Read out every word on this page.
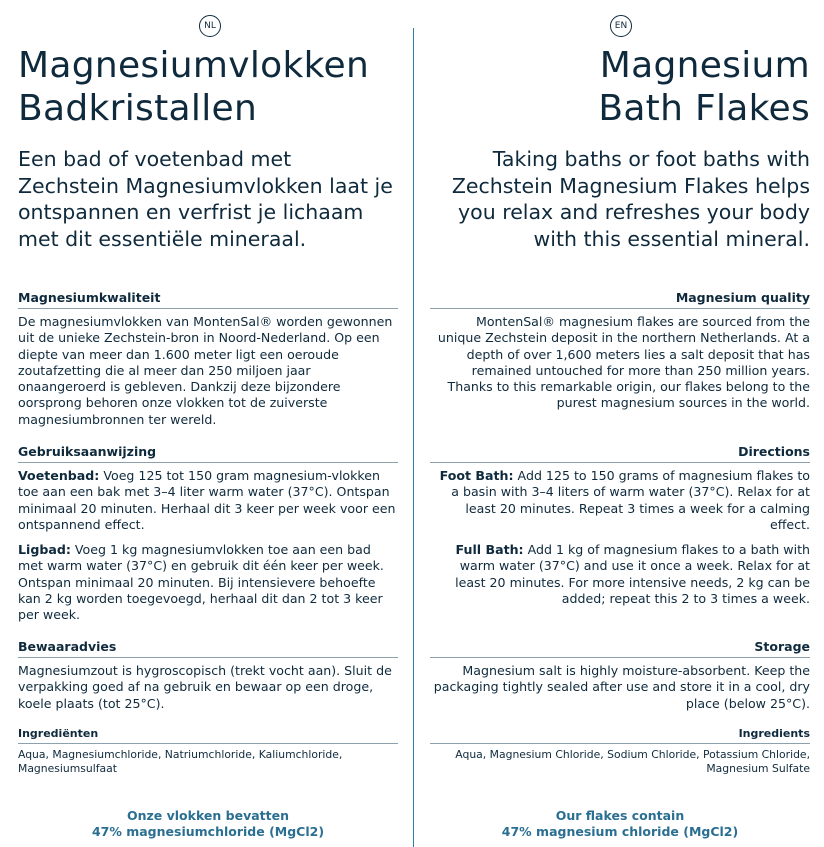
NL
Magnesiumvlokken
Badkristallen

Een bad of voetenbad met Zechstein Magnesiumvlokken laat je ontspannen en verfrist je lichaam met dit essentiële mineraal.

Magnesiumkwaliteit

De magnesiumvlokken van MontenSal® worden gewonnen uit de unieke Zechstein-bron in Noord-Nederland. Op een diepte van meer dan 1.600 meter ligt een oeroude zoutafzetting die al meer dan 250 miljoen jaar onaangeroerd is gebleven. Dankzij deze bijzondere oorsprong behoren onze vlokken tot de zuiverste magnesiumbronnen ter wereld.

Gebruiksaanwijzing

Voetenbad: Voeg 125 tot 150 gram magnesium-vlokken toe aan een bak met 3–4 liter warm water (37°C). Ontspan minimaal 20 minuten. Herhaal dit 3 keer per week voor een ontspannend effect.

Ligbad: Voeg 1 kg magnesiumvlokken toe aan een bad met warm water (37°C) en gebruik dit één keer per week. Ontspan minimaal 20 minuten. Bij intensievere behoefte kan 2 kg worden toegevoegd, herhaal dit dan 2 tot 3 keer per week.

Bewaaradvies

Magnesiumzout is hygroscopisch (trekt vocht aan). Sluit de verpakking goed af na gebruik en bewaar op een droge, koele plaats (tot 25°C).

Ingrediënten

Aqua, Magnesiumchloride, Natriumchloride, Kaliumchloride, Magnesiumsulfaat

Onze vlokken bevatten
47% magnesiumchloride (MgCl2)

EN
Magnesium
Bath Flakes

Taking baths or foot baths with Zechstein Magnesium Flakes helps you relax and refreshes your body with this essential mineral.

Magnesium quality

MontenSal® magnesium flakes are sourced from the unique Zechstein deposit in the northern Netherlands. At a depth of over 1,600 meters lies a salt deposit that has remained untouched for more than 250 million years. Thanks to this remarkable origin, our flakes belong to the purest magnesium sources in the world.

Directions

Foot Bath: Add 125 to 150 grams of magnesium flakes to a basin with 3–4 liters of warm water (37°C). Relax for at least 20 minutes. Repeat 3 times a week for a calming effect.

Full Bath: Add 1 kg of magnesium flakes to a bath with warm water (37°C) and use it once a week. Relax for at least 20 minutes. For more intensive needs, 2 kg can be added; repeat this 2 to 3 times a week.

Storage

Magnesium salt is highly moisture-absorbent. Keep the packaging tightly sealed after use and store it in a cool, dry place (below 25°C).

Ingredients

Aqua, Magnesium Chloride, Sodium Chloride, Potassium Chloride, Magnesium Sulfate

Our flakes contain
47% magnesium chloride (MgCl2)
